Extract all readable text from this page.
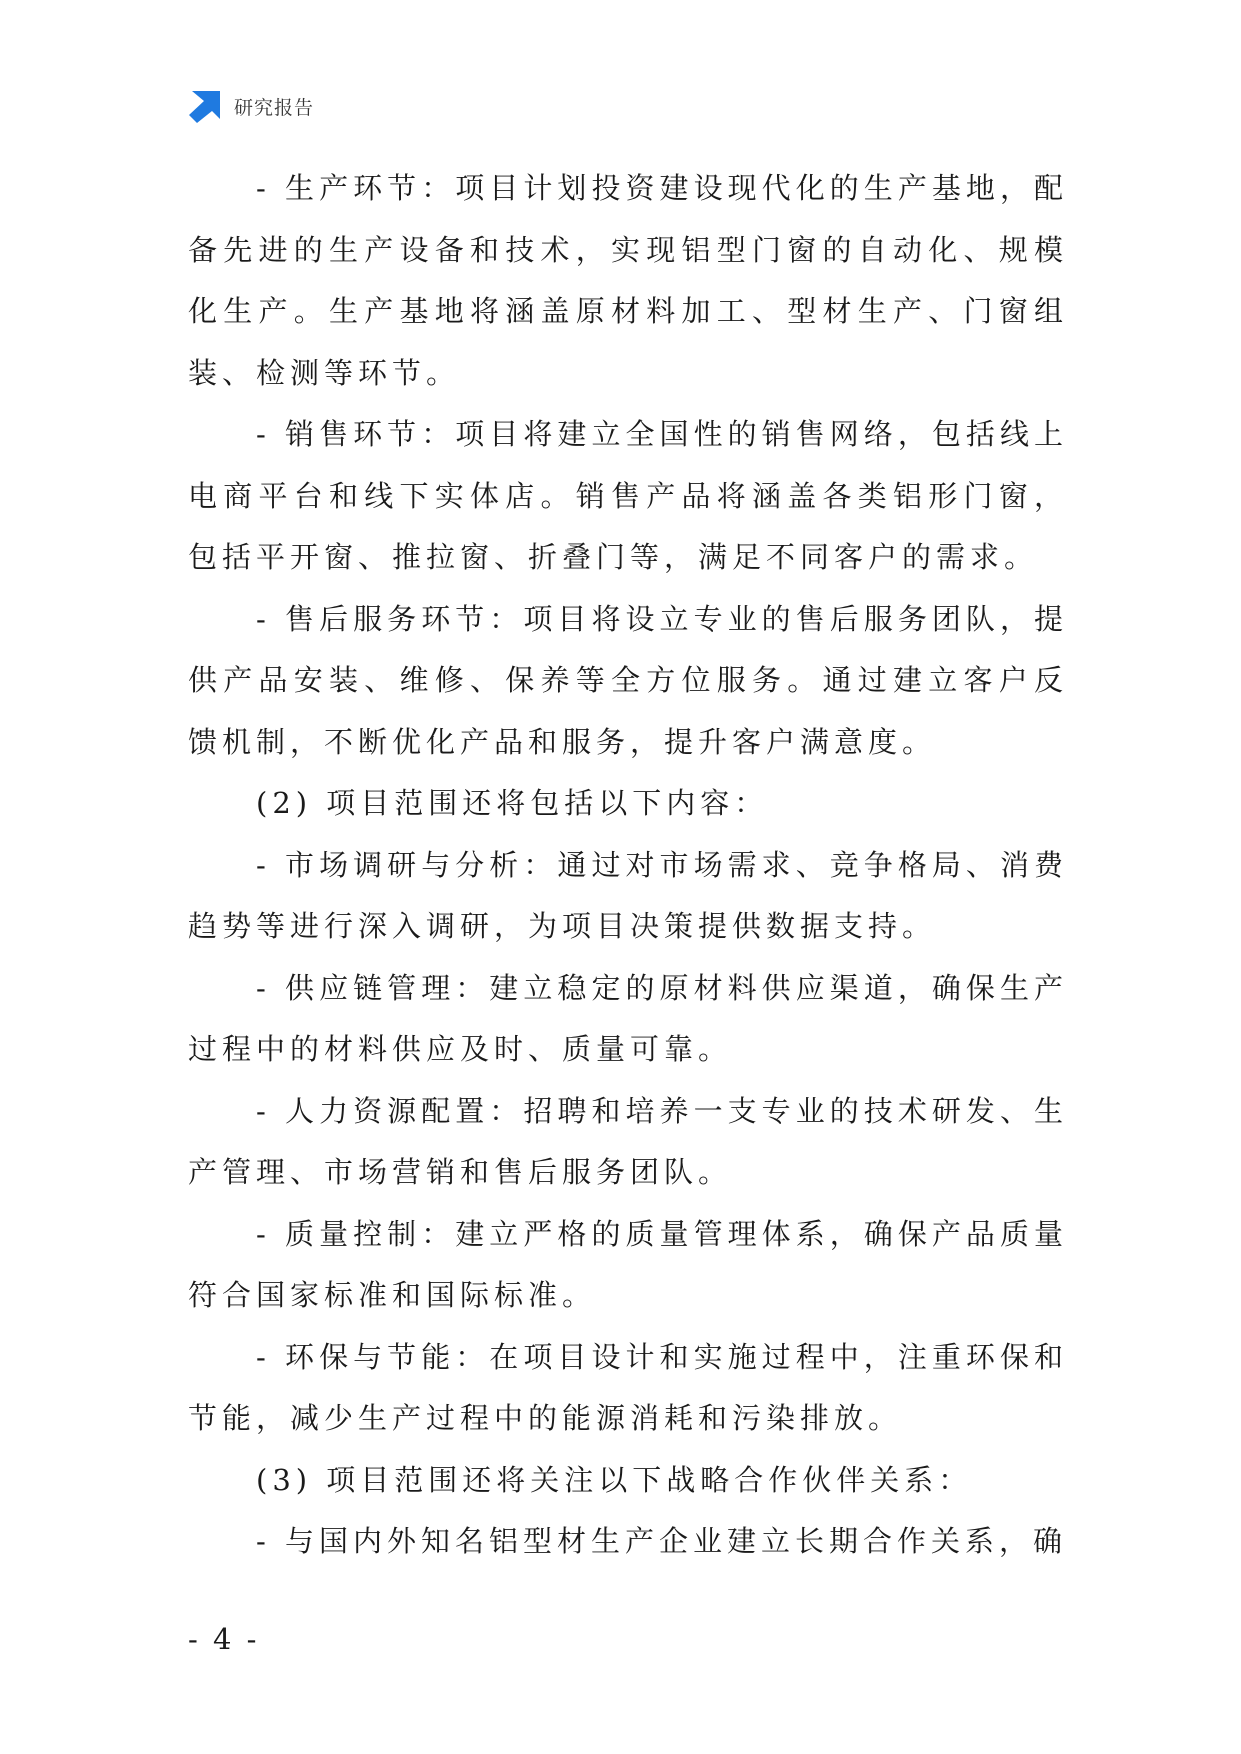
研究报告

- 生产环节：项目计划投资建设现代化的生产基地，配备先进的生产设备和技术，实现铝型门窗的自动化、规模化生产。生产基地将涵盖原材料加工、型材生产、门窗组装、检测等环节。

- 销售环节：项目将建立全国性的销售网络，包括线上电商平台和线下实体店。销售产品将涵盖各类铝形门窗，包括平开窗、推拉窗、折叠门等，满足不同客户的需求。

- 售后服务环节：项目将设立专业的售后服务团队，提供产品安装、维修、保养等全方位服务。通过建立客户反馈机制，不断优化产品和服务，提升客户满意度。

(2) 项目范围还将包括以下内容：

- 市场调研与分析：通过对市场需求、竞争格局、消费趋势等进行深入调研，为项目决策提供数据支持。

- 供应链管理：建立稳定的原材料供应渠道，确保生产过程中的材料供应及时、质量可靠。

- 人力资源配置：招聘和培养一支专业的技术研发、生产管理、市场营销和售后服务团队。

- 质量控制：建立严格的质量管理体系，确保产品质量符合国家标准和国际标准。

- 环保与节能：在项目设计和实施过程中，注重环保和节能，减少生产过程中的能源消耗和污染排放。

(3) 项目范围还将关注以下战略合作伙伴关系：

- 与国内外知名铝型材生产企业建立长期合作关系，确

- 4 -
